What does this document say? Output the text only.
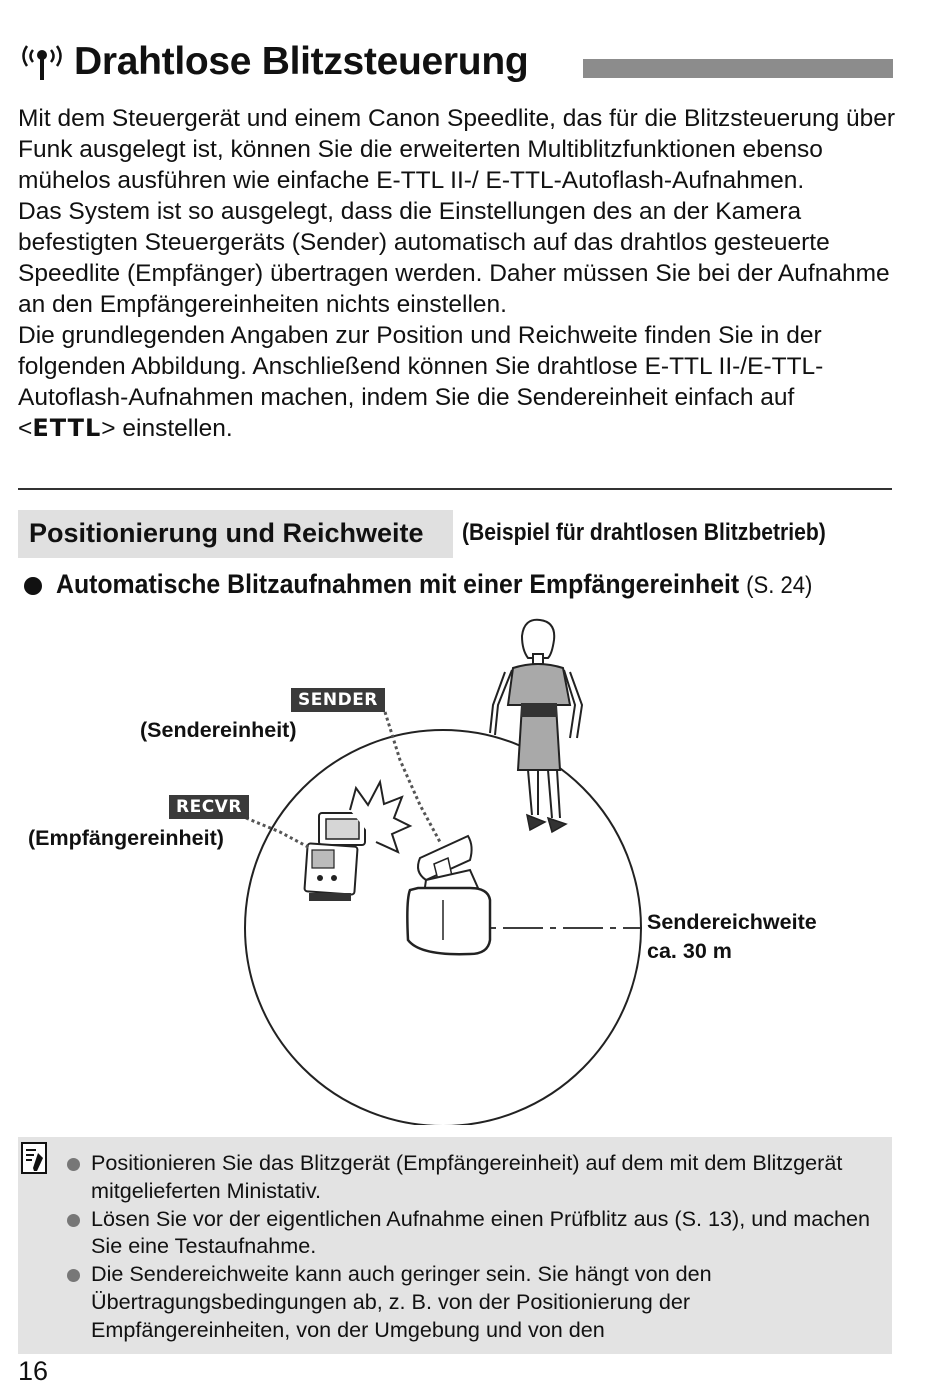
Drahtlose Blitzsteuerung

Mit dem Steuergerät und einem Canon Speedlite, das für die Blitzsteuerung über Funk ausgelegt ist, können Sie die erweiterten Multiblitzfunktionen ebenso mühelos ausführen wie einfache E-TTL II-/ E-TTL-Autoflash-Aufnahmen.

Das System ist so ausgelegt, dass die Einstellungen des an der Kamera befestigten Steuergeräts (Sender) automatisch auf das drahtlos gesteuerte Speedlite (Empfänger) übertragen werden. Daher müssen Sie bei der Aufnahme an den Empfängereinheiten nichts einstellen.

Die grundlegenden Angaben zur Position und Reichweite finden Sie in der folgenden Abbildung. Anschließend können Sie drahtlose E-TTL II-/E-TTL-Autoflash-Aufnahmen machen, indem Sie die Sendereinheit einfach auf <ETTL> einstellen.

Positionierung und Reichweite (Beispiel für drahtlosen Blitzbetrieb)
Automatische Blitzaufnahmen mit einer Empfängereinheit (S. 24)
SENDER
(Sendereinheit)
RECVR
(Empfängereinheit)
Sendereichweite
ca. 30 m
Positionieren Sie das Blitzgerät (Empfängereinheit) auf dem mit dem Blitzgerät mitgelieferten Ministativ.
Lösen Sie vor der eigentlichen Aufnahme einen Prüfblitz aus (S. 13), und machen Sie eine Testaufnahme.
Die Sendereichweite kann auch geringer sein. Sie hängt von den Übertragungsbedingungen ab, z. B. von der Positionierung der Empfängereinheiten, von der Umgebung und von den
16
